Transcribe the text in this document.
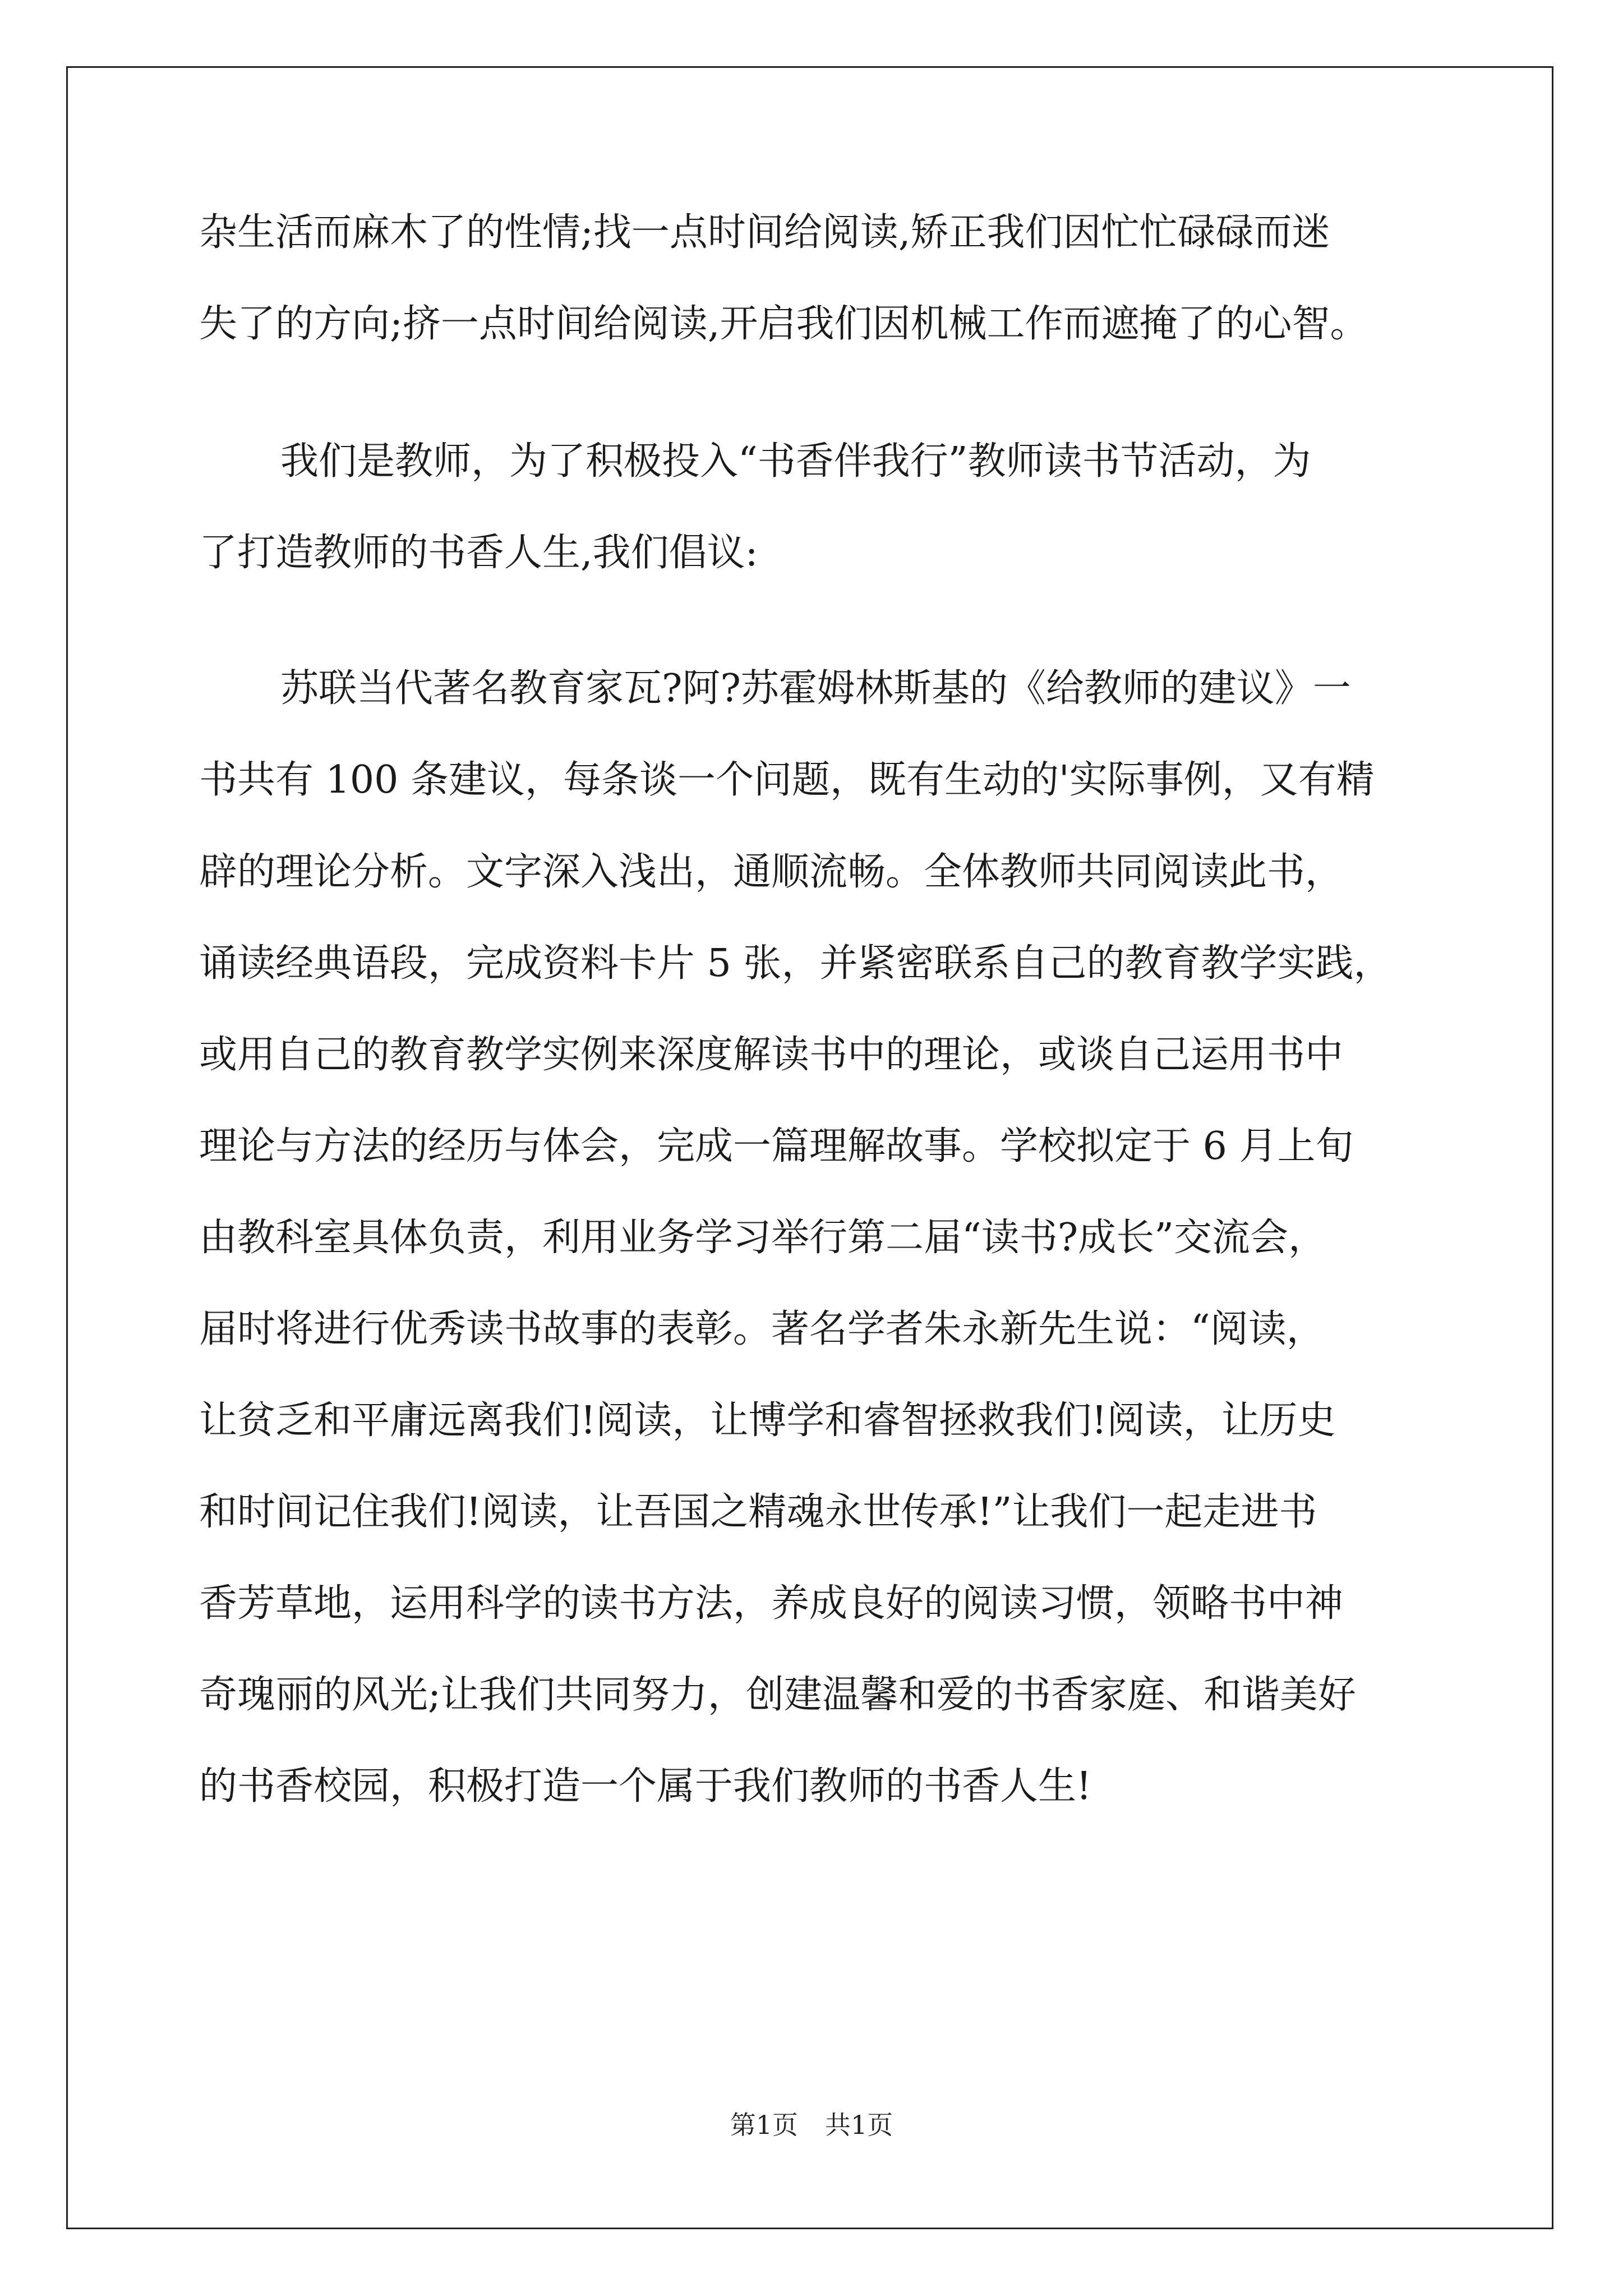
杂生活而麻木了的性情;找一点时间给阅读,矫正我们因忙忙碌碌而迷

失了的方向;挤一点时间给阅读,开启我们因机械工作而遮掩了的心智。

我们是教师，为了积极投入“书香伴我行”教师读书节活动，为

了打造教师的书香人生,我们倡议:

苏联当代著名教育家瓦?阿?苏霍姆林斯基的《给教师的建议》一

书共有 100 条建议，每条谈一个问题，既有生动的'实际事例，又有精

辟的理论分析。文字深入浅出，通顺流畅。全体教师共同阅读此书，

诵读经典语段，完成资料卡片 5 张，并紧密联系自己的教育教学实践，

或用自己的教育教学实例来深度解读书中的理论，或谈自己运用书中

理论与方法的经历与体会，完成一篇理解故事。学校拟定于 6 月上旬

由教科室具体负责，利用业务学习举行第二届“读书?成长”交流会，

届时将进行优秀读书故事的表彰。著名学者朱永新先生说：“阅读，

让贫乏和平庸远离我们!阅读，让博学和睿智拯救我们!阅读，让历史

和时间记住我们!阅读，让吾国之精魂永世传承!”让我们一起走进书

香芳草地，运用科学的读书方法，养成良好的阅读习惯，领略书中神

奇瑰丽的风光;让我们共同努力，创建温馨和爱的书香家庭、和谐美好

的书香校园，积极打造一个属于我们教师的书香人生!

第1页 共1页
